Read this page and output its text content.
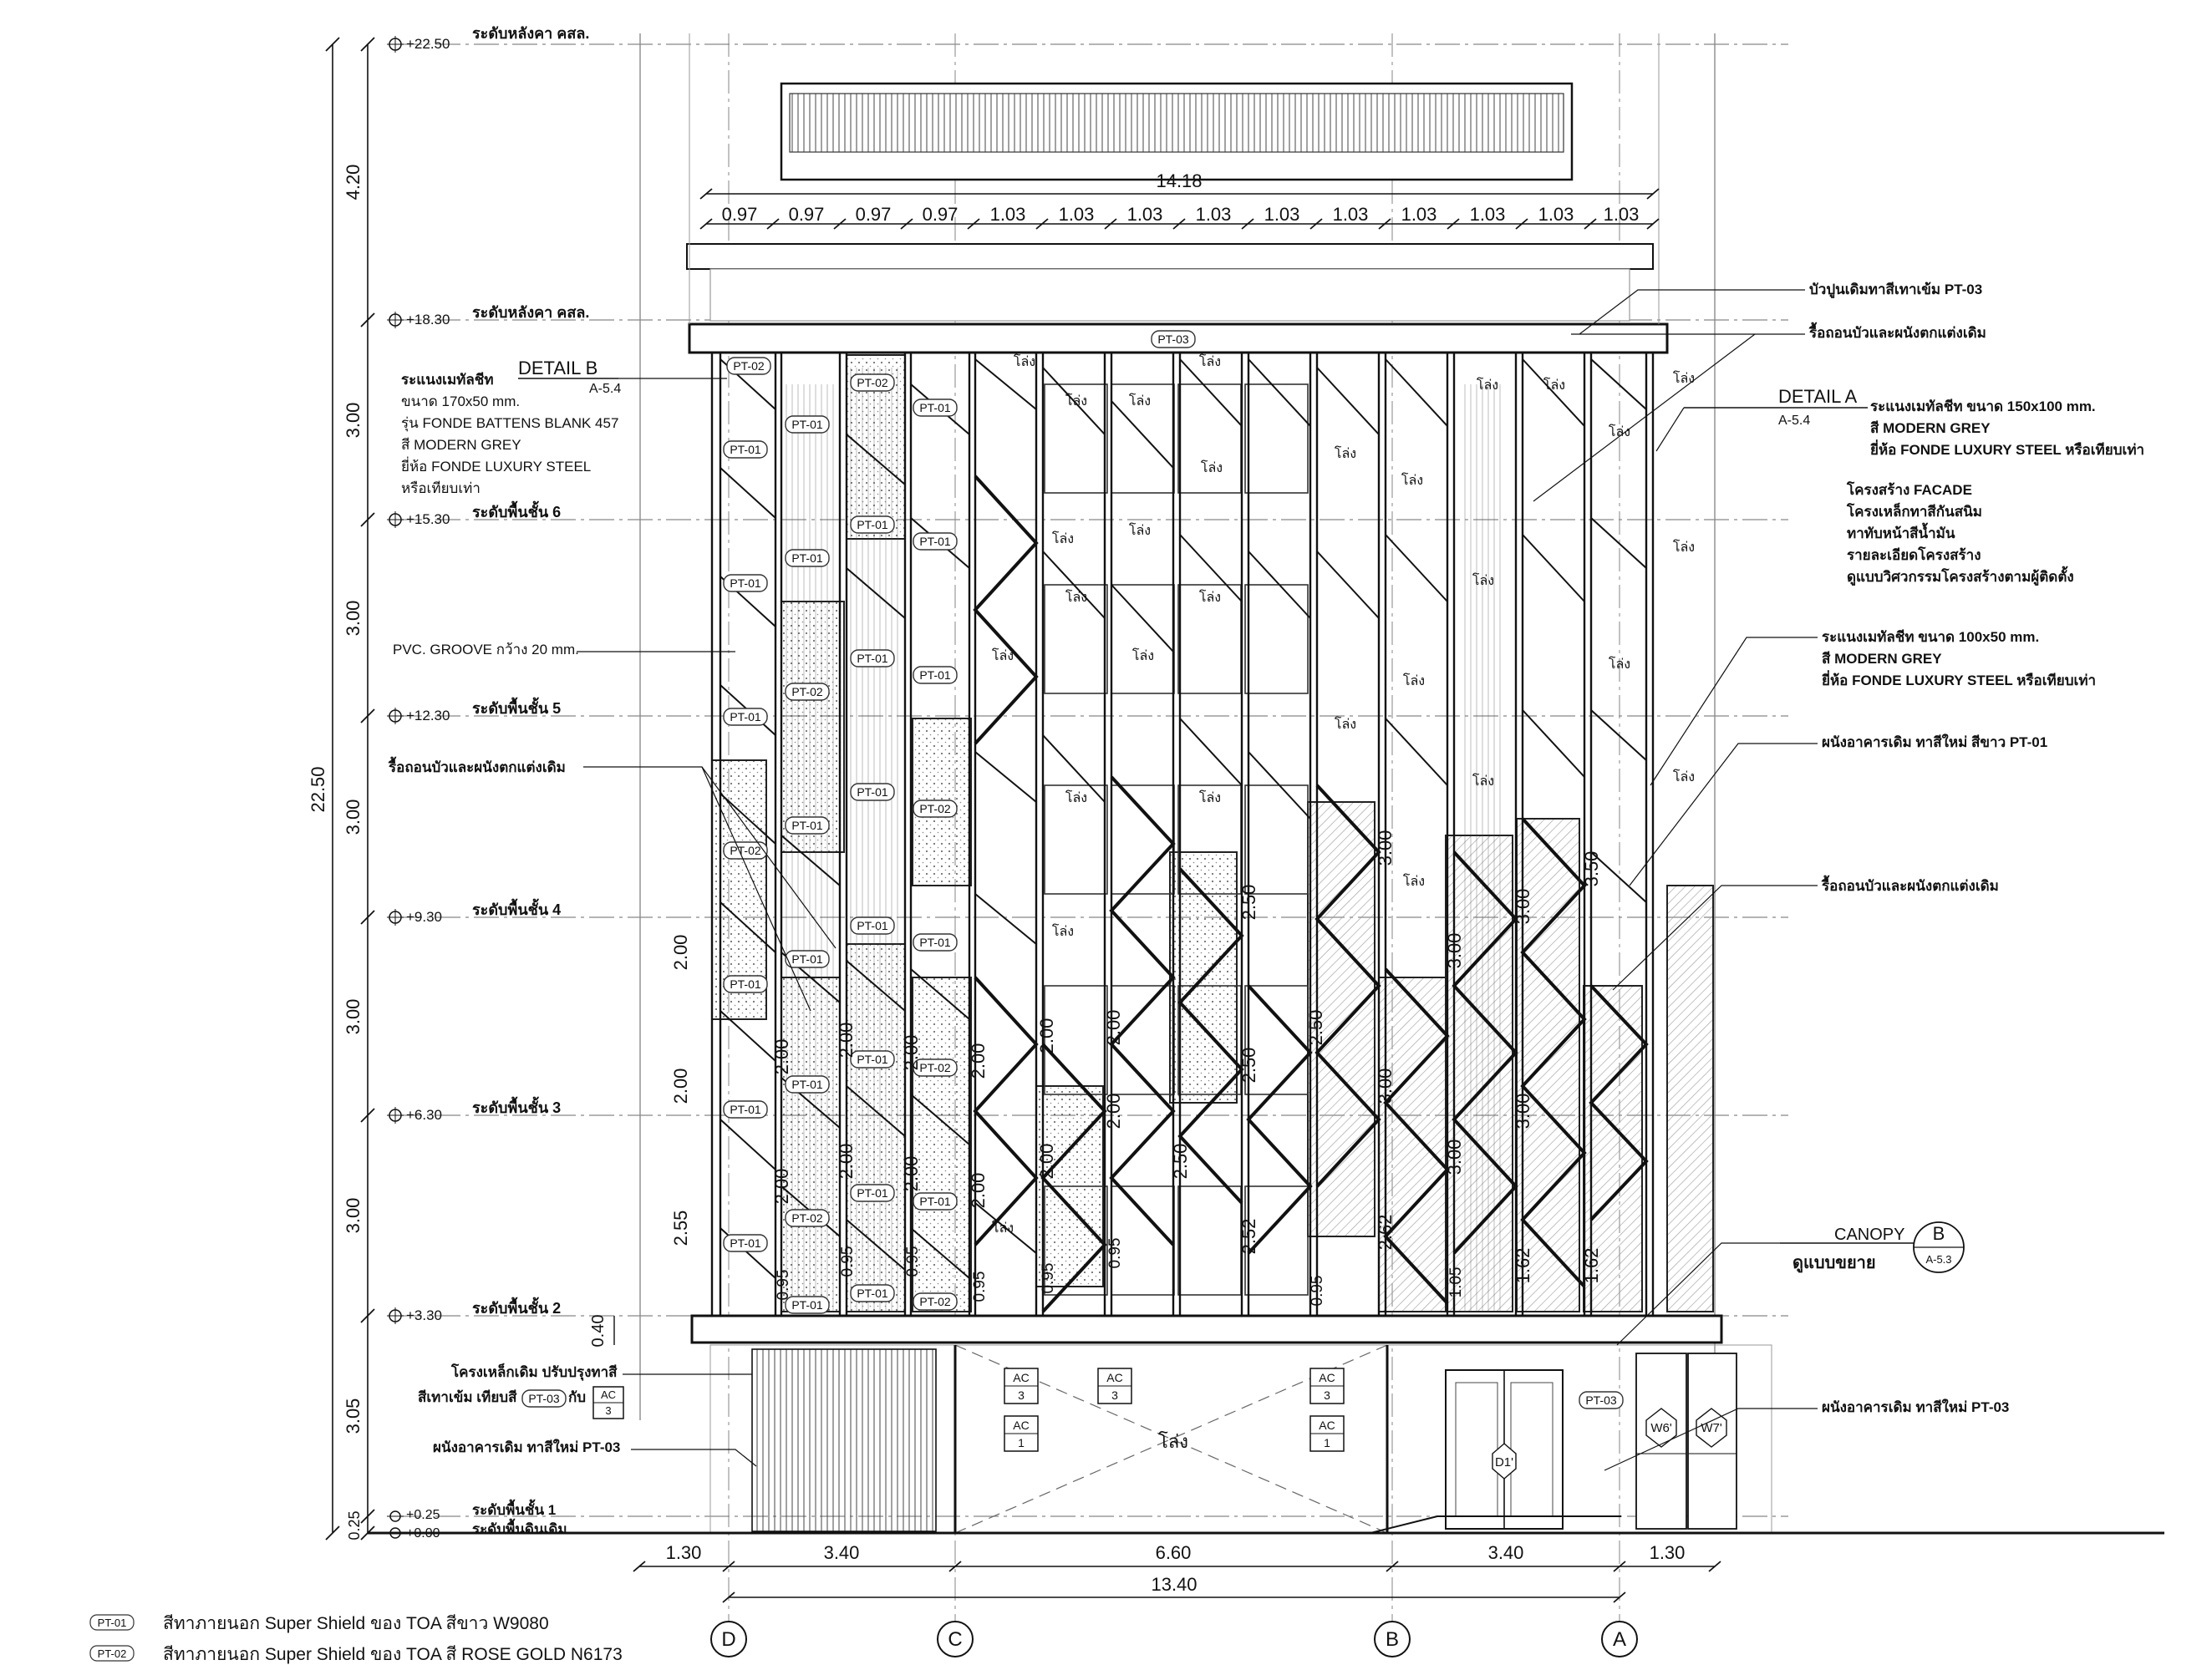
22.50
4.20
3.00
3.00
3.00
3.00
3.00
3.05
0.25
0.40
+22.50
ระดับหลังคา คสล.
+18.30 ระดับหลังคา คสล.
+15.30 ระดับพื้นชั้น 6
+12.30 ระดับพื้นชั้น 5
+9.30 ระดับพื้นชั้น 4
+6.30 ระดับพื้นชั้น 3
+3.30 ระดับพื้นชั้น 2
+0.25 ระดับพื้นชั้น 1
+0.00 ระดับพื้นดินเดิม
14.18
0.97 0.97 0.97 0.97 1.03 1.03 1.03 1.03 1.03 1.03 1.03 1.03 1.03 1.03
1.30	3.40	6.60	3.40	1.30
13.40
D	C	B	A
PT-03
PT-02
PT-01
PT-01
PT-02
PT-01
PT-01
PT-01
PT-01
PT-01
PT-01
PT-02
PT-01
PT-01
PT-02
PT-01
PT-01
PT-02
PT-01
PT-01
PT-01
PT-01
PT-01
PT-01
PT-01
PT-02
PT-01
PT-02
PT-01
PT-01
PT-01
PT-01
PT-02
PT-03
โล่ง	โล่ง
โล่ง	โล่ง	โล่ง
โล่ง	โล่ง
โล่ง
โล่ง
โล่ง
โล่ง
โล่ง
โล่ง
โล่ง
โล่ง
โล่ง	โล่ง
โล่ง
โล่ง
โล่ง
โล่ง
โล่ง
โล่ง
โล่ง
โล่ง	โล่ง
โล่ง
โล่ง
โล่ง
โล่ง
AC
3
AC
1
AC
3
AC
3
AC
1
AC
3
D1'
W6' W7'
2.00
2.00
2.55
0.95
2.00
2.00
0.95
2.00
2.00
0.95
2.00
2.00
0.95
2.00
2.00
2.00
0.95
2.00
2.00
0.95
2.00
2.50
2.50
2.52
2.50
2.50
0.95
3.00
3.00
2.62
3.00
3.00
1.05
3.00
3.00
1.62
3.50
1.62
DETAIL B
A-5.4
ระแนงเมทัลชีท
ขนาด 170x50 mm.
รุ่น FONDE BATTENS BLANK 457
สี MODERN GREY
ยี่ห้อ FONDE LUXURY STEEL
หรือเทียบเท่า
PVC. GROOVE กว้าง 20 mm.
รื้อถอนบัวและผนังตกแต่งเดิม
โครงเหล็กเดิม ปรับปรุงทาสี
สีเทาเข้ม เทียบสี PT-03 กับ
ผนังอาคารเดิม ทาสีใหม่ PT-03
บัวปูนเดิมทาสีเทาเข้ม PT-03
รื้อถอนบัวและผนังตกแต่งเดิม
DETAIL A
A-5.4
ระแนงเมทัลชีท ขนาด 150x100 mm.
สี MODERN GREY
ยี่ห้อ FONDE LUXURY STEEL หรือเทียบเท่า
โครงสร้าง FACADE
โครงเหล็กทาสีกันสนิม
ทาทับหน้าสีน้ำมัน
รายละเอียดโครงสร้าง
ดูแบบวิศวกรรมโครงสร้างตามผู้ติดตั้ง
ระแนงเมทัลชีท ขนาด 100x50 mm.
สี MODERN GREY
ยี่ห้อ FONDE LUXURY STEEL หรือเทียบเท่า
ผนังอาคารเดิม ทาสีใหม่ สีขาว PT-01
รื้อถอนบัวและผนังตกแต่งเดิม
CANOPY
ดูแบบขยาย
B
A-5.3
ผนังอาคารเดิม ทาสีใหม่ PT-03
PT-01 สีทาภายนอก Super Shield ของ TOA สีขาว W9080
PT-02 สีทาภายนอก Super Shield ของ TOA สี ROSE GOLD N6173
